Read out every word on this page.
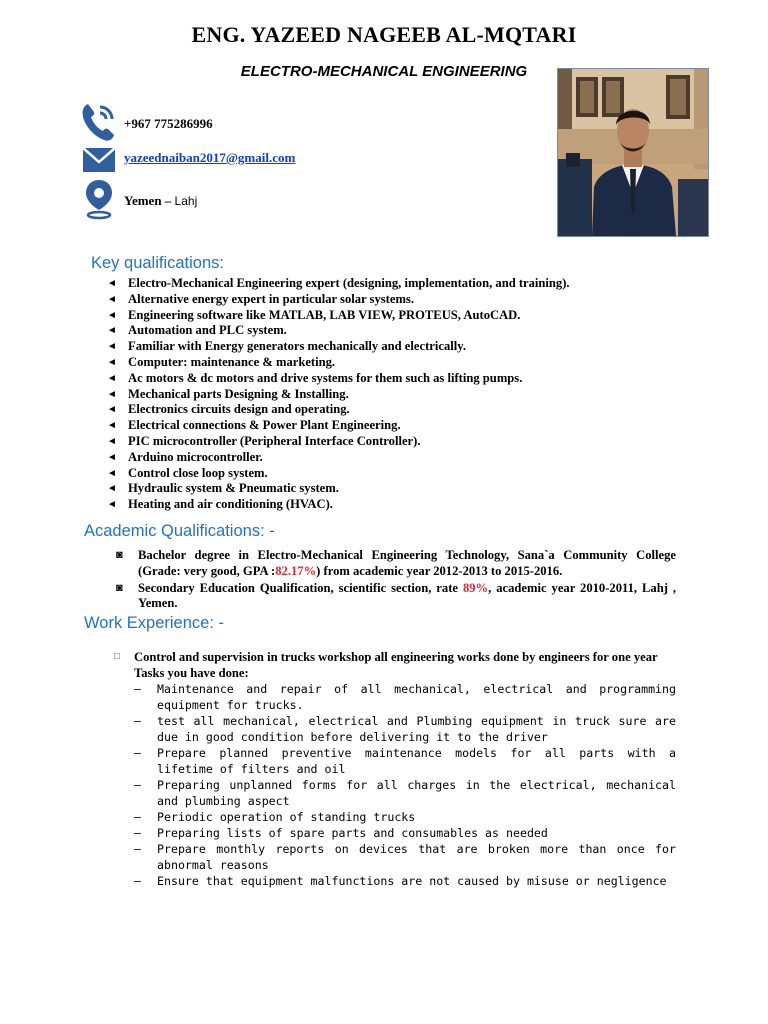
ENG. YAZEED NAGEEB AL-MQTARI
ELECTRO-MECHANICAL ENGINEERING
+967 775286996
yazeednaiban2017@gmail.com
Yemen – Lahj
Key qualifications:
◄ Electro-Mechanical Engineering expert (designing, implementation, and training).
◄ Alternative energy expert in particular solar systems.
◄ Engineering software like MATLAB, LAB VIEW, PROTEUS, AutoCAD.
◄ Automation and PLC system.
◄ Familiar with Energy generators mechanically and electrically.
◄ Computer: maintenance & marketing.
◄ Ac motors & dc motors and drive systems for them such as lifting pumps.
◄ Mechanical parts Designing & Installing.
◄ Electronics circuits design and operating.
◄ Electrical connections & Power Plant Engineering.
◄ PIC microcontroller (Peripheral Interface Controller).
◄ Arduino microcontroller.
◄ Control close loop system.
◄ Hydraulic system & Pneumatic system.
◄ Heating and air conditioning (HVAC).
Academic Qualifications: -
◙ Bachelor degree in Electro-Mechanical Engineering Technology, Sana`a Community College (Grade: very good, GPA :82.17%) from academic year 2012-2013 to 2015-2016.
◙ Secondary Education Qualification, scientific section, rate 89%, academic year 2010-2011, Lahj , Yemen.
Work Experience: -
□ Control and supervision in trucks workshop all engineering works done by engineers for one year
Tasks you have done:
– Maintenance and repair of all mechanical, electrical and programming equipment for trucks.
– test all mechanical, electrical and Plumbing equipment in truck sure are due in good condition before delivering it to the driver
– Prepare planned preventive maintenance models for all parts with a lifetime of filters and oil
– Preparing unplanned forms for all charges in the electrical, mechanical and plumbing aspect
– Periodic operation of standing trucks
– Preparing lists of spare parts and consumables as needed
– Prepare monthly reports on devices that are broken more than once for abnormal reasons
– Ensure that equipment malfunctions are not caused by misuse or negligence
